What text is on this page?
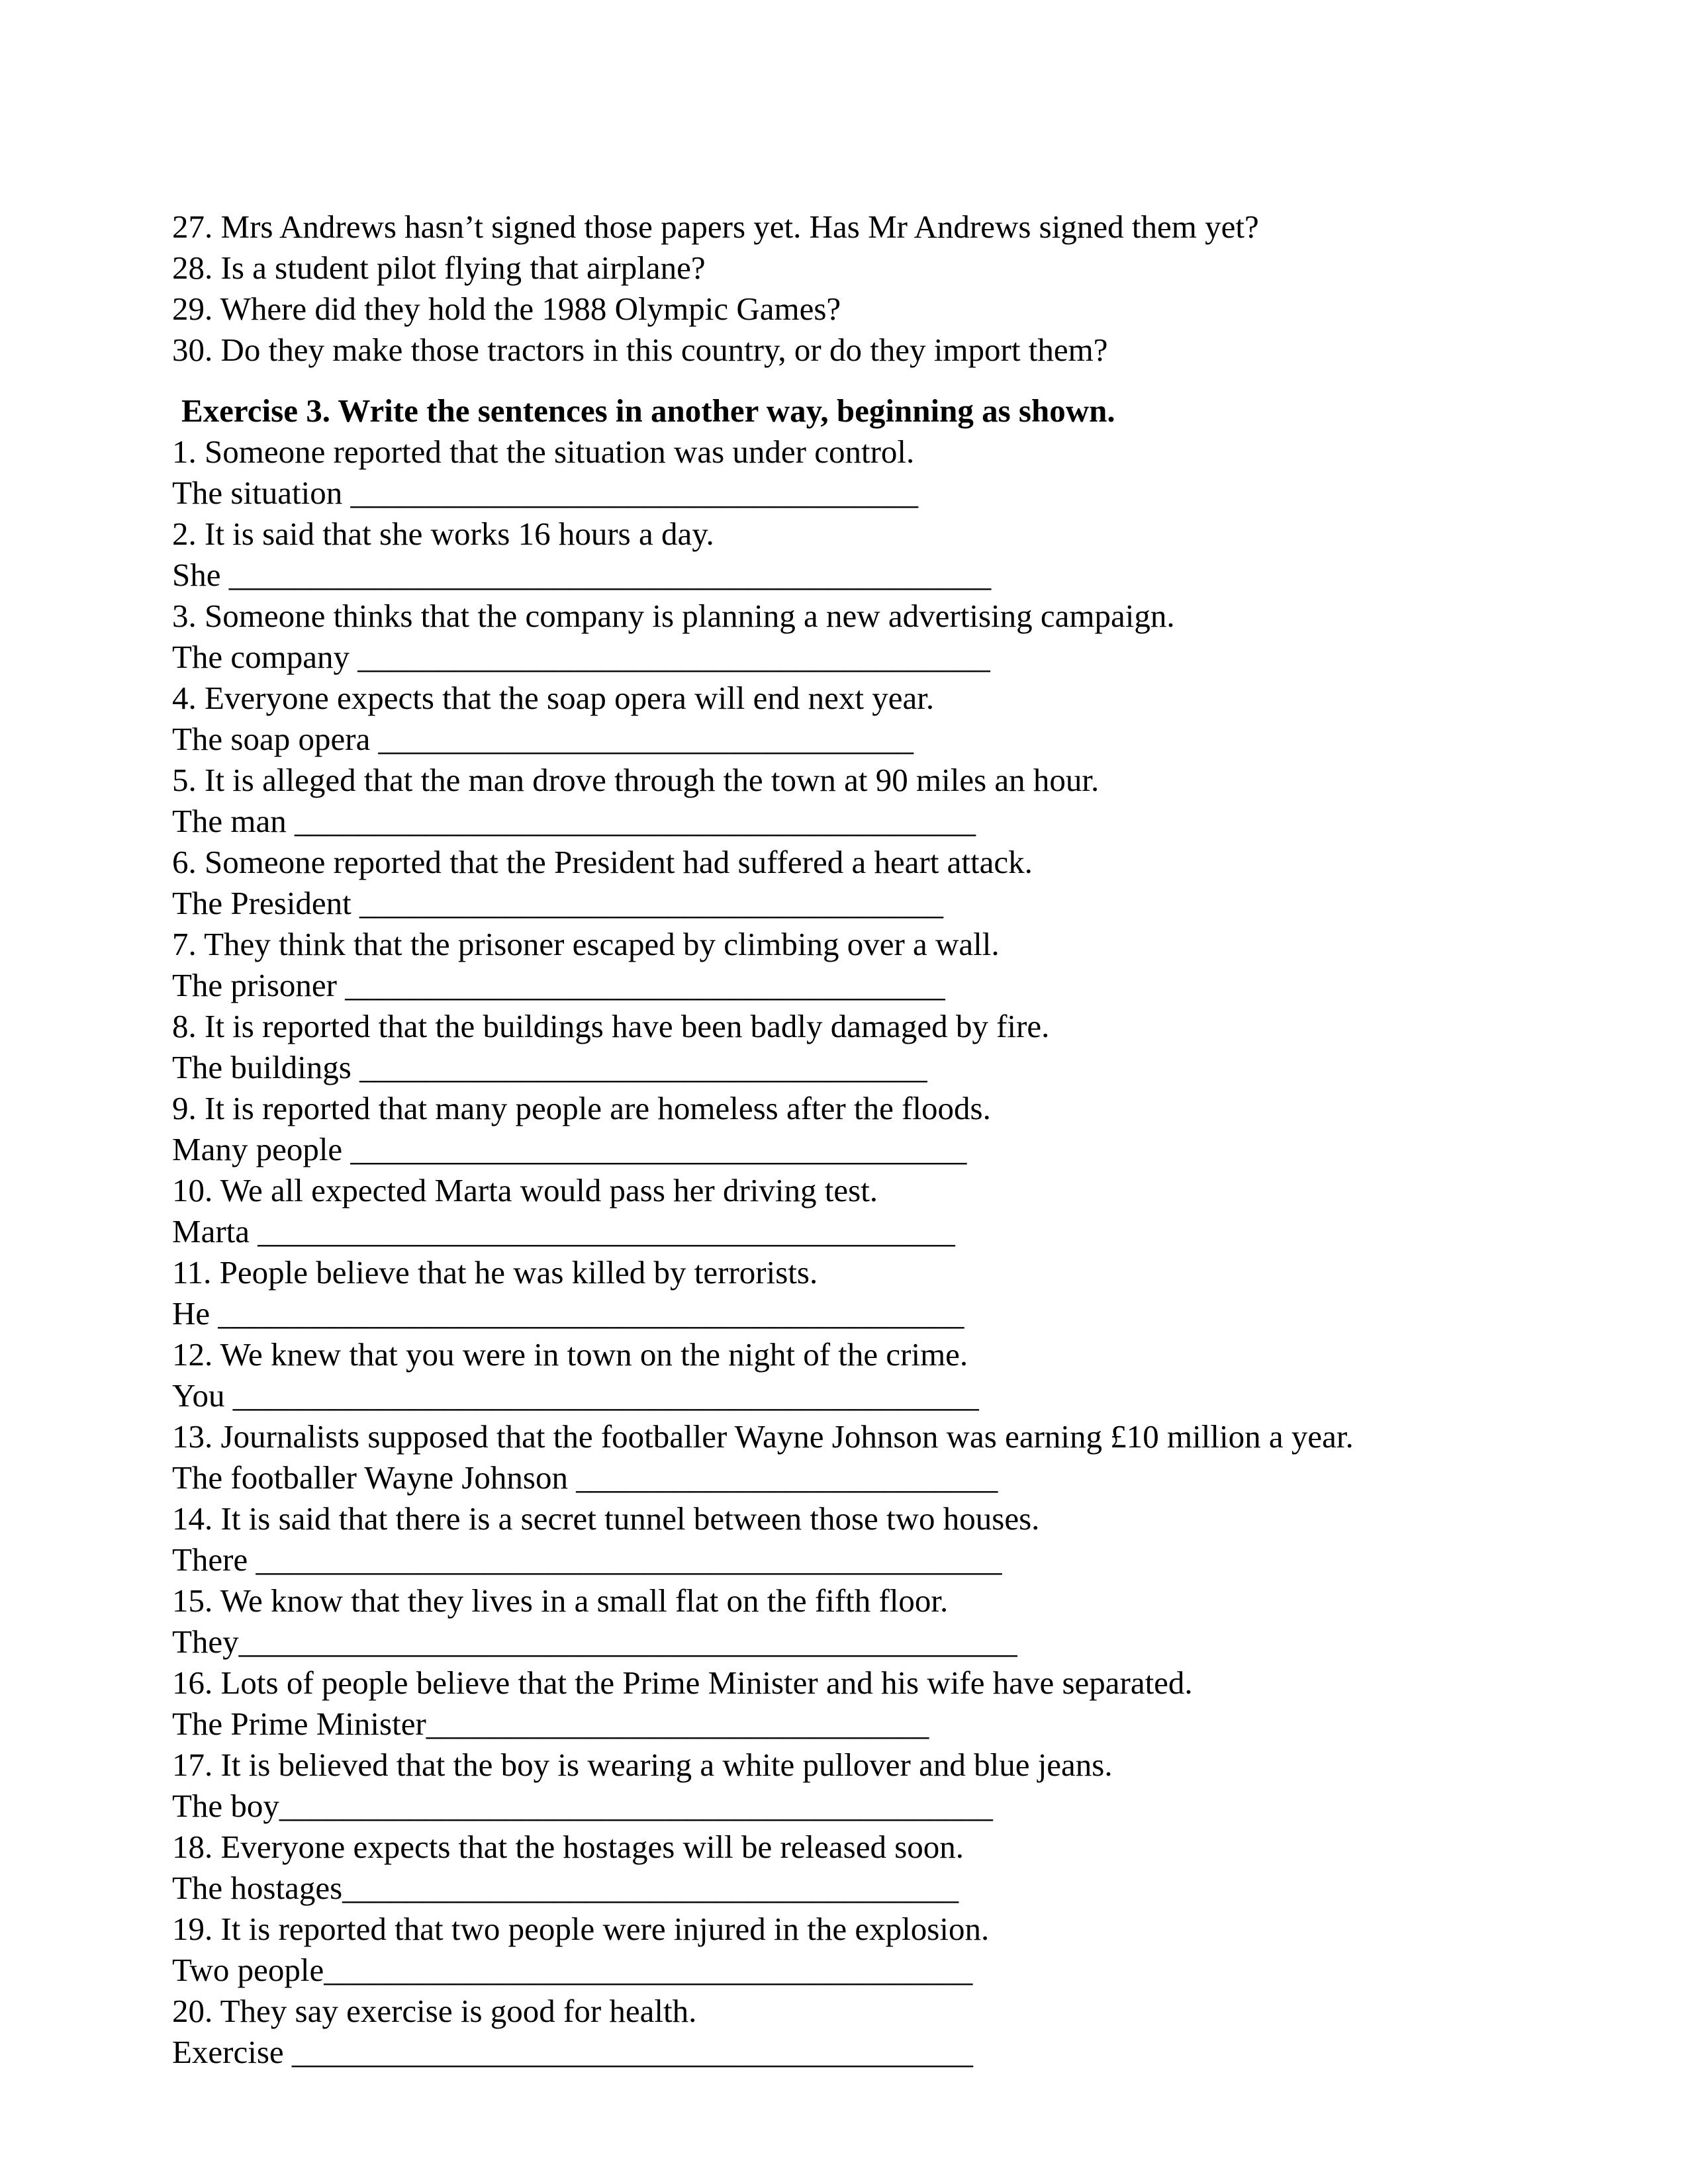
27. Mrs Andrews hasn’t signed those papers yet. Has Mr Andrews signed them yet?
28. Is a student pilot flying that airplane?
29. Where did they hold the 1988 Olympic Games?
30. Do they make those tractors in this country, or do they import them?
Exercise 3. Write the sentences in another way, beginning as shown.
1. Someone reported that the situation was under control.
The situation ___________________________________
2. It is said that she works 16 hours a day.
She _______________________________________________
3. Someone thinks that the company is planning a new advertising campaign.
The company _______________________________________
4. Everyone expects that the soap opera will end next year.
The soap opera _________________________________
5. It is alleged that the man drove through the town at 90 miles an hour.
The man __________________________________________
6. Someone reported that the President had suffered a heart attack.
The President ____________________________________
7. They think that the prisoner escaped by climbing over a wall.
The prisoner _____________________________________
8. It is reported that the buildings have been badly damaged by fire.
The buildings ___________________________________
9. It is reported that many people are homeless after the floods.
Many people ______________________________________
10. We all expected Marta would pass her driving test.
Marta ___________________________________________
11. People believe that he was killed by terrorists.
He ______________________________________________
12. We knew that you were in town on the night of the crime.
You ______________________________________________
13. Journalists supposed that the footballer Wayne Johnson was earning £10 million a year.
The footballer Wayne Johnson __________________________
14. It is said that there is a secret tunnel between those two houses.
There ______________________________________________
15. We know that they lives in a small flat on the fifth floor.
They________________________________________________
16. Lots of people believe that the Prime Minister and his wife have separated.
The Prime Minister_______________________________
17. It is believed that the boy is wearing a white pullover and blue jeans.
The boy____________________________________________
18. Everyone expects that the hostages will be released soon.
The hostages______________________________________
19. It is reported that two people were injured in the explosion.
Two people________________________________________
20. They say exercise is good for health.
Exercise __________________________________________
